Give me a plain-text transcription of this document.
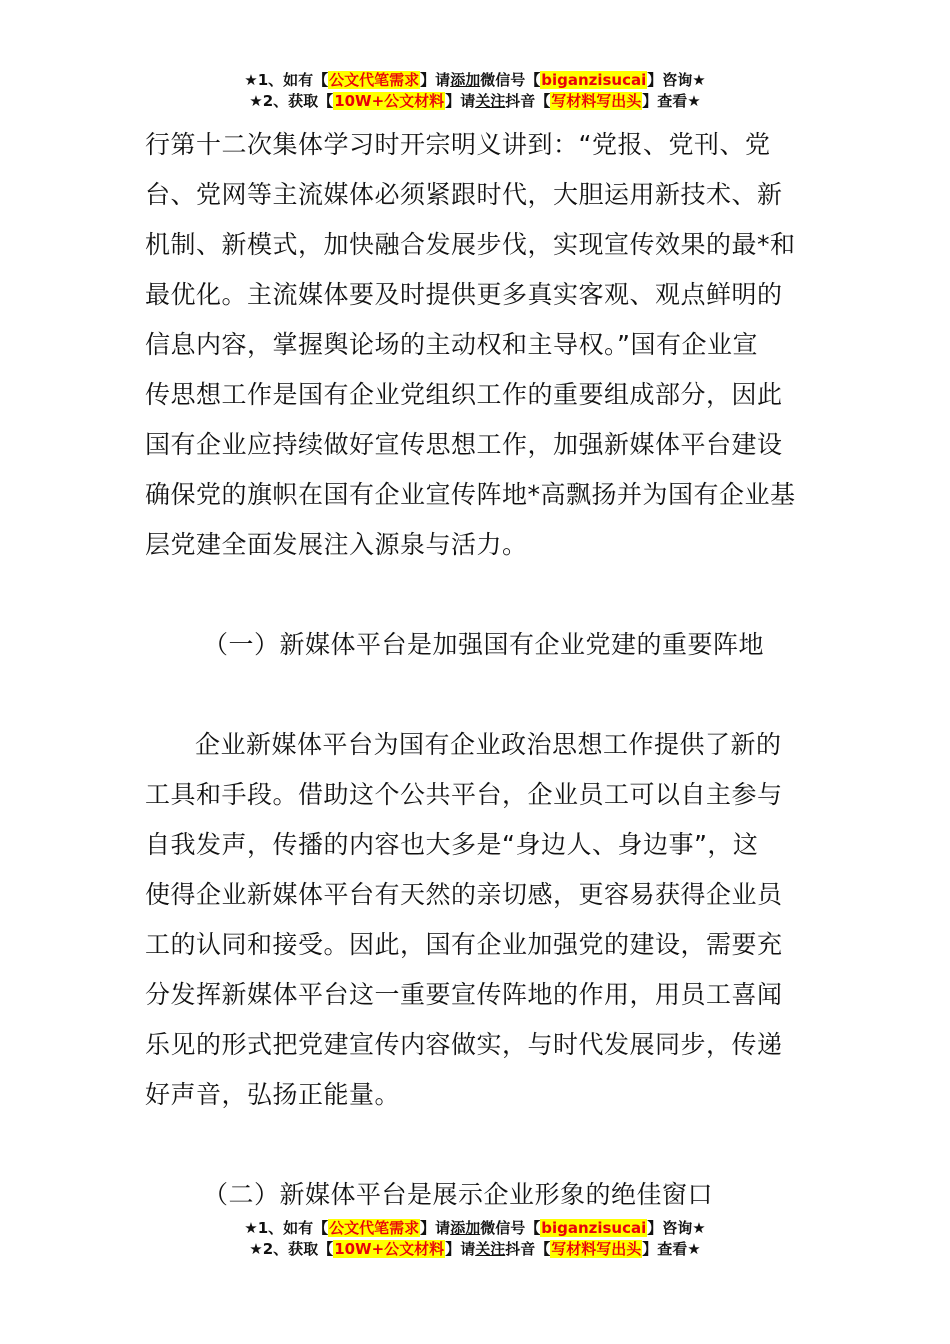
★1、如有【公文代笔需求】请添加微信号【biganzisucai】咨询★
★2、获取【10W+公文材料】请关注抖音【写材料写出头】查看★
行第十二次集体学习时开宗明义讲到：“党报、党刊、党
台、党网等主流媒体必须紧跟时代，大胆运用新技术、新
机制、新模式，加快融合发展步伐，实现宣传效果的最*和
最优化。主流媒体要及时提供更多真实客观、观点鲜明的
信息内容，掌握舆论场的主动权和主导权。”国有企业宣
传思想工作是国有企业党组织工作的重要组成部分，因此
国有企业应持续做好宣传思想工作，加强新媒体平台建设
确保党的旗帜在国有企业宣传阵地*高飘扬并为国有企业基
层党建全面发展注入源泉与活力。
（一）新媒体平台是加强国有企业党建的重要阵地
企业新媒体平台为国有企业政治思想工作提供了新的
工具和手段。借助这个公共平台，企业员工可以自主参与
自我发声，传播的内容也大多是“身边人、身边事”，这
使得企业新媒体平台有天然的亲切感，更容易获得企业员
工的认同和接受。因此，国有企业加强党的建设，需要充
分发挥新媒体平台这一重要宣传阵地的作用，用员工喜闻
乐见的形式把党建宣传内容做实，与时代发展同步，传递
好声音，弘扬正能量。
（二）新媒体平台是展示企业形象的绝佳窗口
★1、如有【公文代笔需求】请添加微信号【biganzisucai】咨询★
★2、获取【10W+公文材料】请关注抖音【写材料写出头】查看★
